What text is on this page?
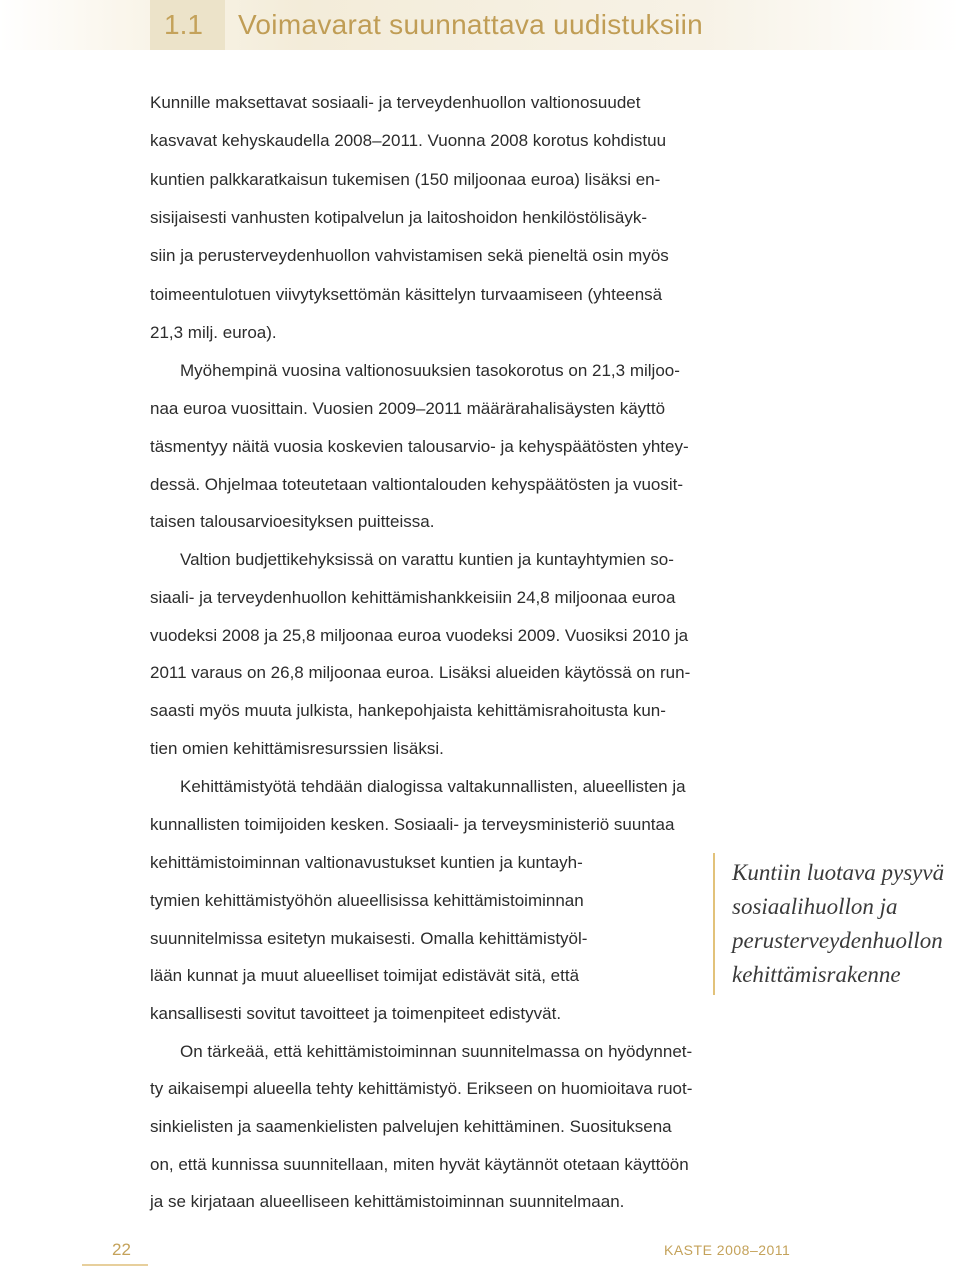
1.1	Voimavarat suunnattava uudistuksiin
Kunnille maksettavat sosiaali- ja terveydenhuollon valtionosuudet
kasvavat kehyskaudella 2008–2011. Vuonna 2008 korotus kohdistuu
kuntien palkkaratkaisun tukemisen (150 miljoonaa euroa) lisäksi en-
sisijaisesti vanhusten kotipalvelun ja laitoshoidon henkilöstölisäyk-
siin ja perusterveydenhuollon vahvistamisen sekä pieneltä osin myös
toimeentulotuen viivytyksettömän käsittelyn turvaamiseen (yhteensä
21,3 milj. euroa).
Myöhempinä vuosina valtionosuuksien tasokorotus on 21,3 miljoo-
naa euroa vuosittain. Vuosien 2009–2011 määrärahalisäysten käyttö
täsmentyy näitä vuosia koskevien talousarvio- ja kehyspäätösten yhtey-
dessä. Ohjelmaa toteutetaan valtiontalouden kehyspäätösten ja vuosit-
taisen talousarvioesityksen puitteissa.
Valtion budjettikehyksissä on varattu kuntien ja kuntayhtymien so-
siaali- ja terveydenhuollon kehittämishankkeisiin 24,8 miljoonaa euroa
vuodeksi 2008 ja 25,8 miljoonaa euroa vuodeksi 2009. Vuosiksi 2010 ja
2011 varaus on 26,8 miljoonaa euroa. Lisäksi alueiden käytössä on run-
saasti myös muuta julkista, hankepohjaista kehittämisrahoitusta kun-
tien omien kehittämisresurssien lisäksi.
Kehittämistyötä tehdään dialogissa valtakunnallisten, alueellisten ja
kunnallisten toimijoiden kesken. Sosiaali- ja terveysministeriö suuntaa
kehittämistoiminnan valtionavustukset kuntien ja kuntayh-
tymien kehittämistyöhön alueellisissa kehittämistoiminnan
suunnitelmissa esitetyn mukaisesti. Omalla kehittämistyöl-
lään kunnat ja muut alueelliset toimijat edistävät sitä, että
kansallisesti sovitut tavoitteet ja toimenpiteet edistyvät.
On tärkeää, että kehittämistoiminnan suunnitelmassa on hyödynnet-
ty aikaisempi alueella tehty kehittämistyö. Erikseen on huomioitava ruot-
sinkielisten ja saamenkielisten palvelujen kehittäminen. Suosituksena
on, että kunnissa suunnitellaan, miten hyvät käytännöt otetaan käyttöön
ja se kirjataan alueelliseen kehittämistoiminnan suunnitelmaan.
Kuntiin luotava pysyvä
sosiaalihuollon ja
perusterveydenhuollon
kehittämisrakenne
22	KASTE 2008–2011
